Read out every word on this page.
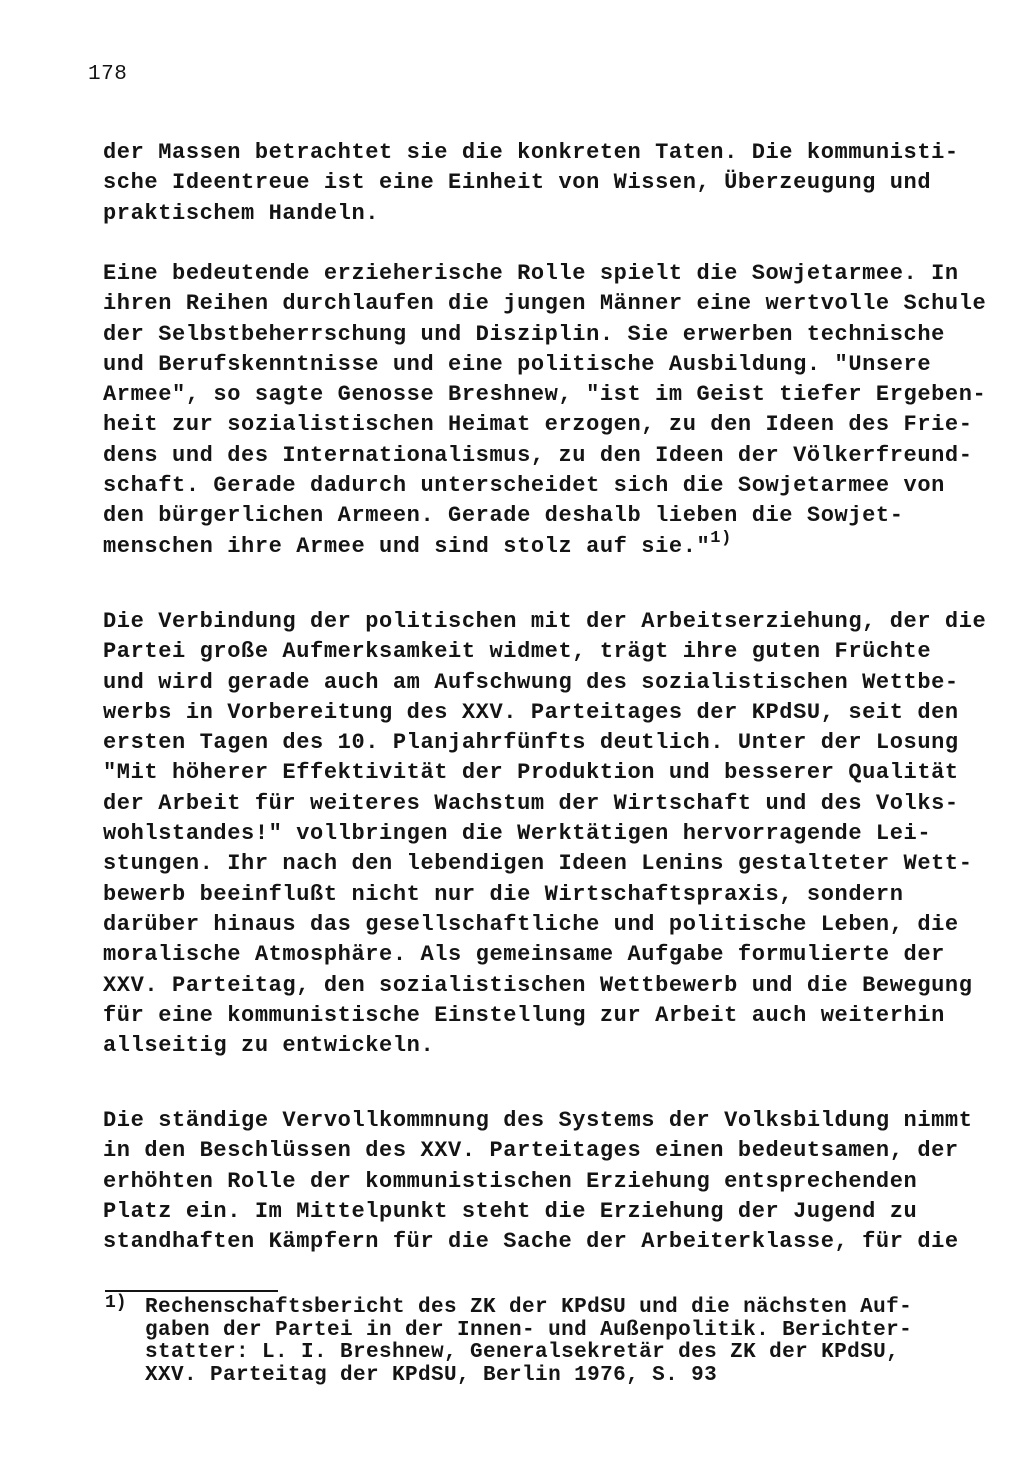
178

der Massen betrachtet sie die konkreten Taten. Die kommunisti-
sche Ideentreue ist eine Einheit von Wissen, Überzeugung und
praktischem Handeln.
Eine bedeutende erzieherische Rolle spielt die Sowjetarmee. In
ihren Reihen durchlaufen die jungen Männer eine wertvolle Schule
der Selbstbeherrschung und Disziplin. Sie erwerben technische
und Berufskenntnisse und eine politische Ausbildung. "Unsere
Armee", so sagte Genosse Breshnew, "ist im Geist tiefer Ergeben-
heit zur sozialistischen Heimat erzogen, zu den Ideen des Frie-
dens und des Internationalismus, zu den Ideen der Völkerfreund-
schaft. Gerade dadurch unterscheidet sich die Sowjetarmee von
den bürgerlichen Armeen. Gerade deshalb lieben die Sowjet-
menschen ihre Armee und sind stolz auf sie."$^{1)}$
Die Verbindung der politischen mit der Arbeitserziehung, der die
Partei große Aufmerksamkeit widmet, trägt ihre guten Früchte
und wird gerade auch am Aufschwung des sozialistischen Wettbe-
werbs in Vorbereitung des XXV. Parteitages der KPdSU, seit den
ersten Tagen des 10. Planjahrfünfts deutlich. Unter der Losung
"Mit höherer Effektivität der Produktion und besserer Qualität
der Arbeit für weiteres Wachstum der Wirtschaft und des Volks-
wohlstandes!" vollbringen die Werktätigen hervorragende Lei-
stungen. Ihr nach den lebendigen Ideen Lenins gestalteter Wett-
bewerb beeinflußt nicht nur die Wirtschaftspraxis, sondern
darüber hinaus das gesellschaftliche und politische Leben, die
moralische Atmosphäre. Als gemeinsame Aufgabe formulierte der
XXV. Parteitag, den sozialistischen Wettbewerb und die Bewegung
für eine kommunistische Einstellung zur Arbeit auch weiterhin
allseitig zu entwickeln.
Die ständige Vervollkommnung des Systems der Volksbildung nimmt
in den Beschlüssen des XXV. Parteitages einen bedeutsamen, der
erhöhten Rolle der kommunistischen Erziehung entsprechenden
Platz ein. Im Mittelpunkt steht die Erziehung der Jugend zu
standhaften Kämpfern für die Sache der Arbeiterklasse, für die
1) Rechenschaftsbericht des ZK der KPdSU und die nächsten Auf-
gaben der Partei in der Innen- und Außenpolitik. Berichter-
statter: L. I. Breshnew, Generalsekretär des ZK der KPdSU,
XXV. Parteitag der KPdSU, Berlin 1976, S. 93
